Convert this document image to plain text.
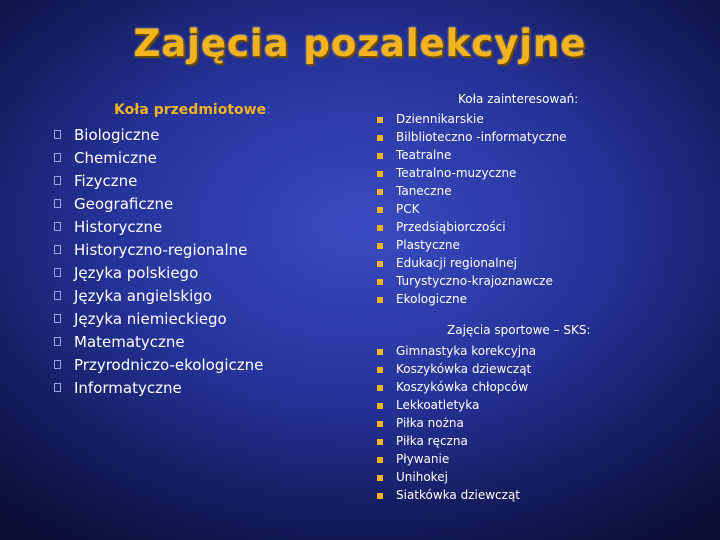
Zajęcia pozalekcyjne
Koła przedmiotowe:
Biologiczne
Chemiczne
Fizyczne
Geograficzne
Historyczne
Historyczno-regionalne
Języka polskiego
Języka angielskigo
Języka niemieckiego
Matematyczne
Przyrodniczo-ekologiczne
Informatyczne
Koła zainteresowań:
Dziennikarskie
Bilblioteczno -informatyczne
Teatralne
Teatralno-muzyczne
Taneczne
PCK
Przedsiąbiorczości
Plastyczne
Edukacji regionalnej
Turystyczno-krajoznawcze
Ekologiczne
Zajęcia sportowe – SKS:
Gimnastyka korekcyjna
Koszykówka dziewcząt
Koszykówka chłopców
Lekkoatletyka
Piłka nożna
Piłka ręczna
Pływanie
Unihokej
Siatkówka dziewcząt
